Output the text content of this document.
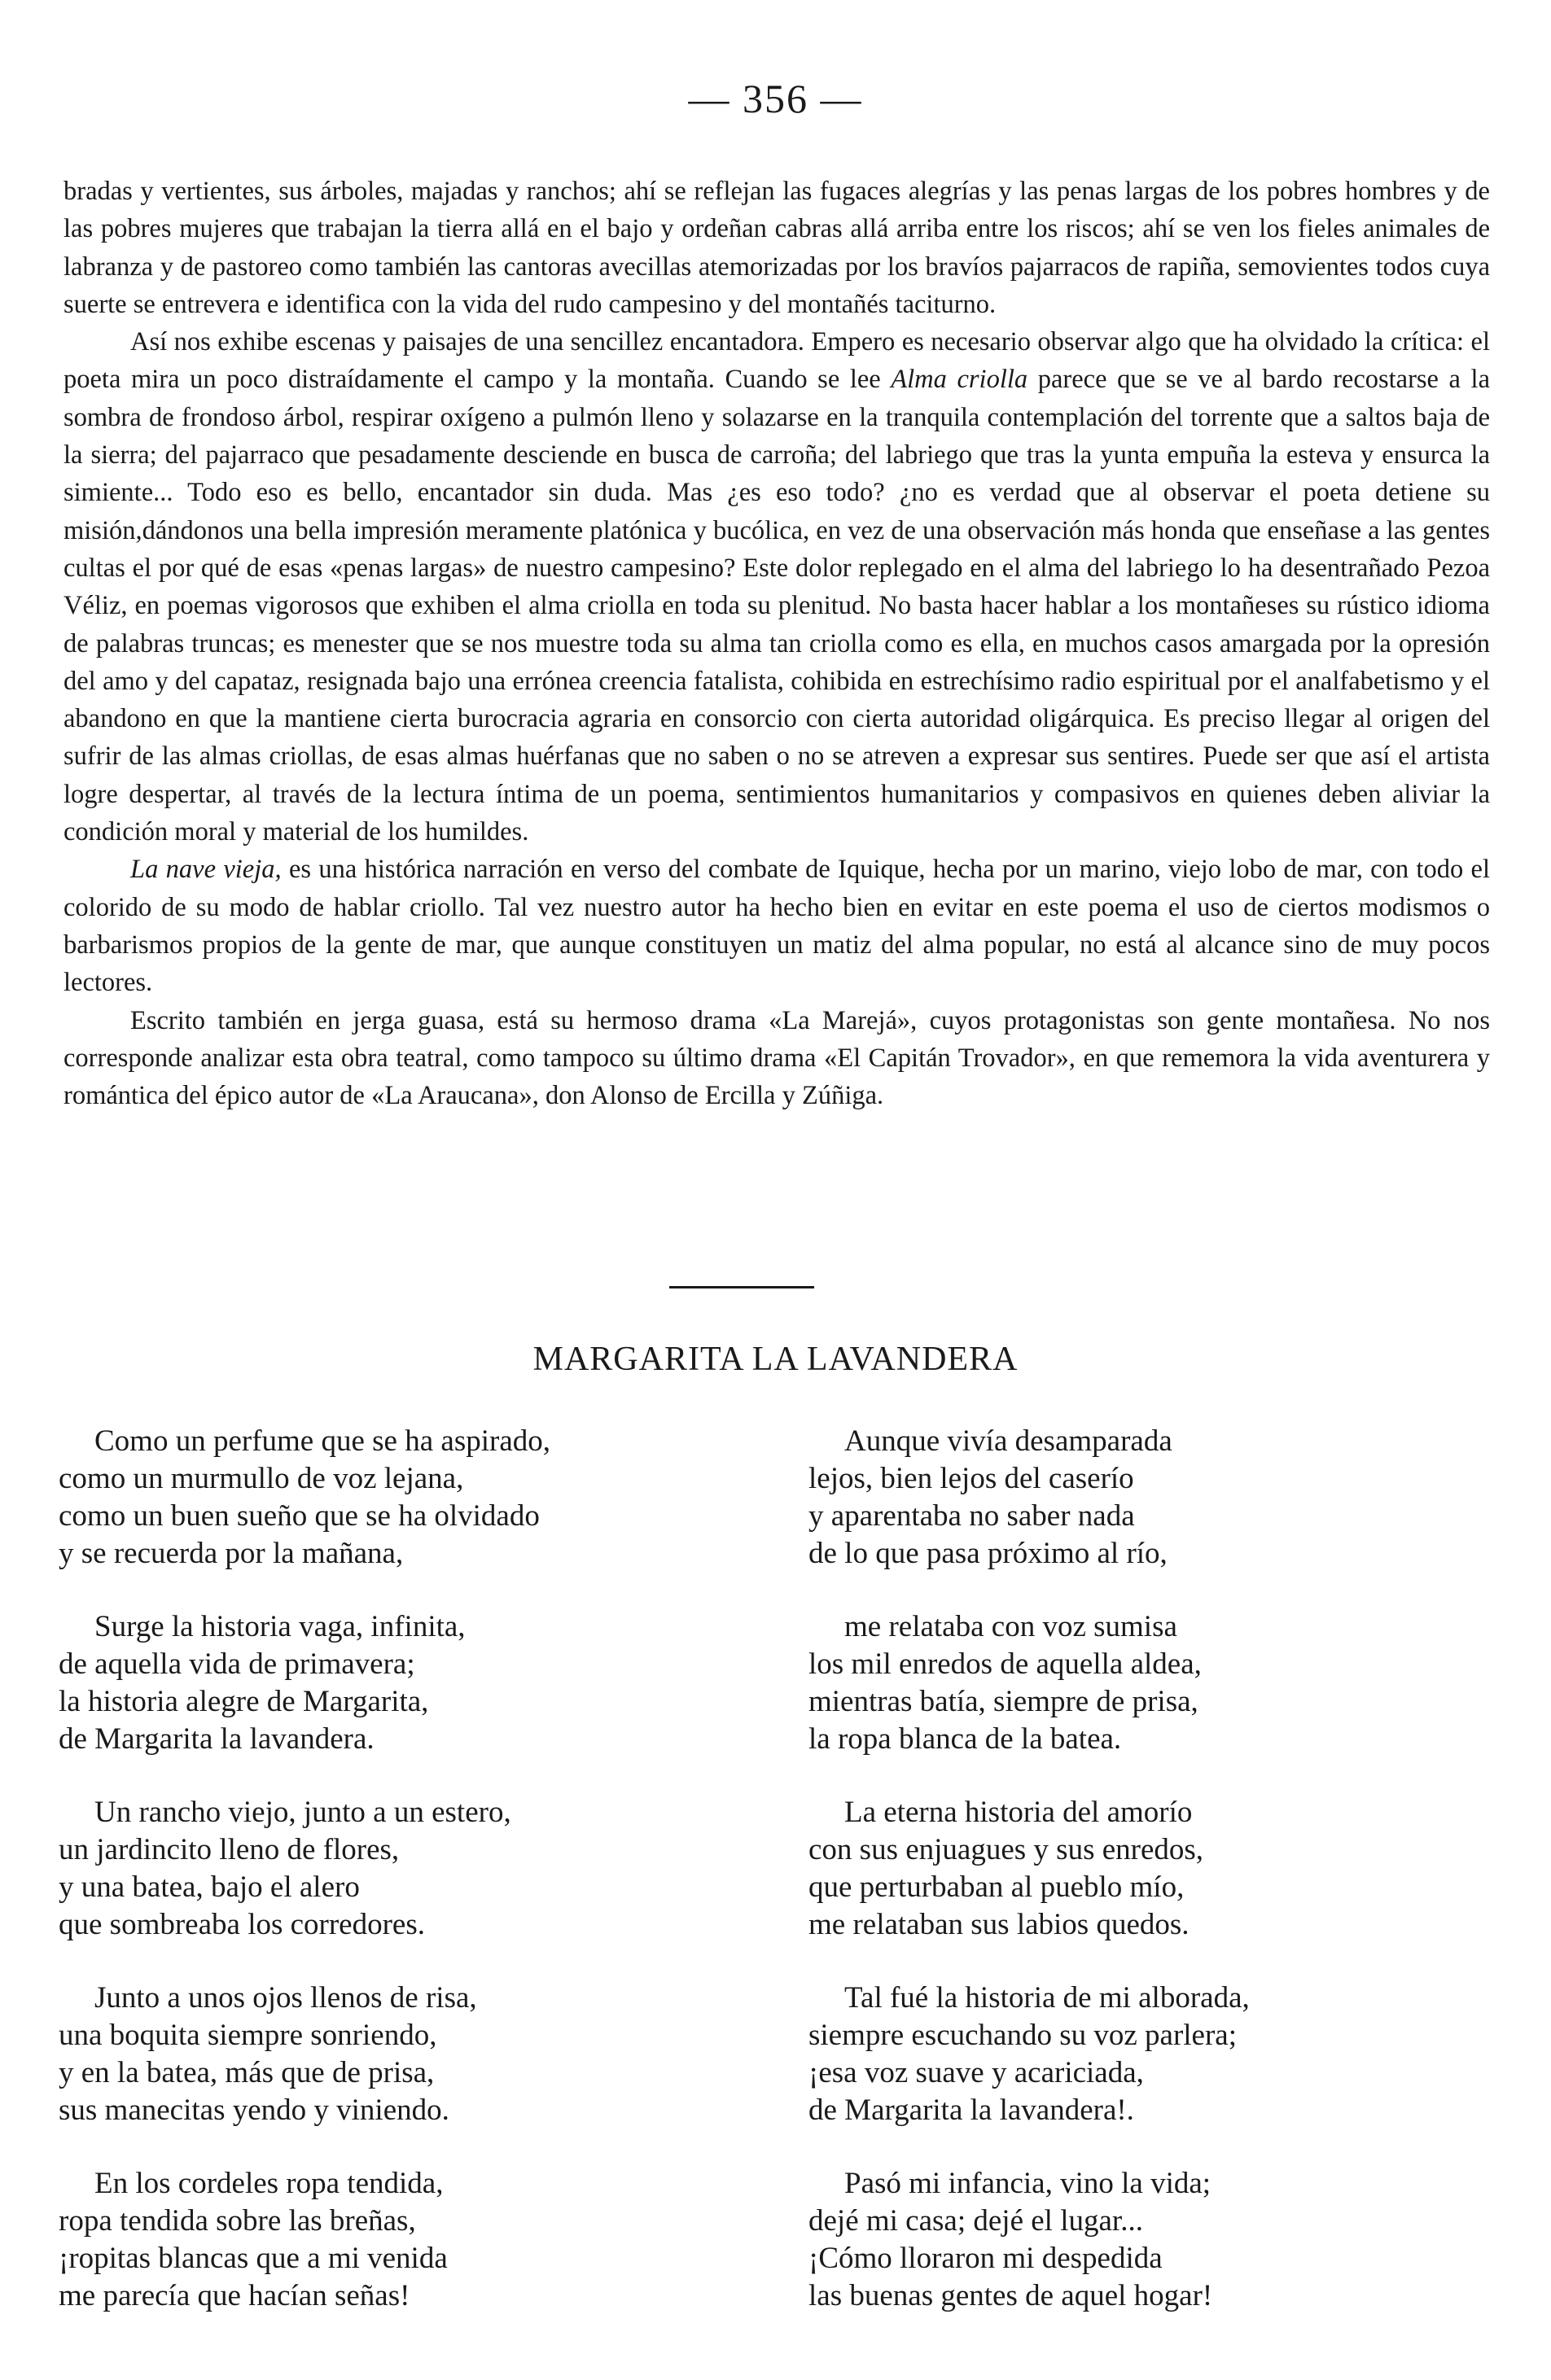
— 356 —

bradas y vertientes, sus árboles, majadas y ranchos; ahí se reflejan las fugaces alegrías y las penas largas de los pobres hombres y de las pobres mujeres que trabajan la tierra allá en el bajo y ordeñan cabras allá arriba entre los riscos; ahí se ven los fieles animales de labranza y de pastoreo como también las cantoras avecillas atemorizadas por los bravíos pajarracos de rapiña, semovientes todos cuya suerte se entrevera e identifica con la vida del rudo campesino y del montañés taciturno.

Así nos exhibe escenas y paisajes de una sencillez encantadora. Empero es necesario observar algo que ha olvidado la crítica: el poeta mira un poco distraídamente el campo y la montaña. Cuando se lee Alma criolla parece que se ve al bardo recostarse a la sombra de frondoso árbol, respirar oxígeno a pulmón lleno y solazarse en la tranquila contemplación del torrente que a saltos baja de la sierra; del pajarraco que pesadamente desciende en busca de carroña; del labriego que tras la yunta empuña la esteva y ensurca la simiente... Todo eso es bello, encantador sin duda. Mas ¿es eso todo? ¿no es verdad que al observar el poeta detiene su misión,dándonos una bella impresión meramente platónica y bucólica, en vez de una observación más honda que enseñase a las gentes cultas el por qué de esas «penas largas» de nuestro campesino? Este dolor replegado en el alma del labriego lo ha desentrañado Pezoa Véliz, en poemas vigorosos que exhiben el alma criolla en toda su plenitud. No basta hacer hablar a los montañeses su rústico idioma de palabras truncas; es menester que se nos muestre toda su alma tan criolla como es ella, en muchos casos amargada por la opresión del amo y del capataz, resignada bajo una errónea creencia fatalista, cohibida en estrechísimo radio espiritual por el analfabetismo y el abandono en que la mantiene cierta burocracia agraria en consorcio con cierta autoridad oligárquica. Es preciso llegar al origen del sufrir de las almas criollas, de esas almas huérfanas que no saben o no se atreven a expresar sus sentires. Puede ser que así el artista logre despertar, al través de la lectura íntima de un poema, sentimientos humanitarios y compasivos en quienes deben aliviar la condición moral y material de los humildes.

La nave vieja, es una histórica narración en verso del combate de Iquique, hecha por un marino, viejo lobo de mar, con todo el colorido de su modo de hablar criollo. Tal vez nuestro autor ha hecho bien en evitar en este poema el uso de ciertos modismos o barbarismos propios de la gente de mar, que aunque constituyen un matiz del alma popular, no está al alcance sino de muy pocos lectores.

Escrito también en jerga guasa, está su hermoso drama «La Marejá», cuyos protagonistas son gente montañesa. No nos corresponde analizar esta obra teatral, como tampoco su último drama «El Capitán Trovador», en que rememora la vida aventurera y romántica del épico autor de «La Araucana», don Alonso de Ercilla y Zúñiga.

MARGARITA LA LAVANDERA
Como un perfume que se ha aspirado,
como un murmullo de voz lejana,
como un buen sueño que se ha olvidado
y se recuerda por la mañana,
Surge la historia vaga, infinita,
de aquella vida de primavera;
la historia alegre de Margarita,
de Margarita la lavandera.
Un rancho viejo, junto a un estero,
un jardincito lleno de flores,
y una batea, bajo el alero
que sombreaba los corredores.
Junto a unos ojos llenos de risa,
una boquita siempre sonriendo,
y en la batea, más que de prisa,
sus manecitas yendo y viniendo.
En los cordeles ropa tendida,
ropa tendida sobre las breñas,
¡ropitas blancas que a mi venida
me parecía que hacían señas!
Aunque vivía desamparada
lejos, bien lejos del caserío
y aparentaba no saber nada
de lo que pasa próximo al río,
me relataba con voz sumisa
los mil enredos de aquella aldea,
mientras batía, siempre de prisa,
la ropa blanca de la batea.
La eterna historia del amorío
con sus enjuagues y sus enredos,
que perturbaban al pueblo mío,
me relataban sus labios quedos.
Tal fué la historia de mi alborada,
siempre escuchando su voz parlera;
¡esa voz suave y acariciada,
de Margarita la lavandera!.
Pasó mi infancia, vino la vida;
dejé mi casa; dejé el lugar...
¡Cómo lloraron mi despedida
las buenas gentes de aquel hogar!
